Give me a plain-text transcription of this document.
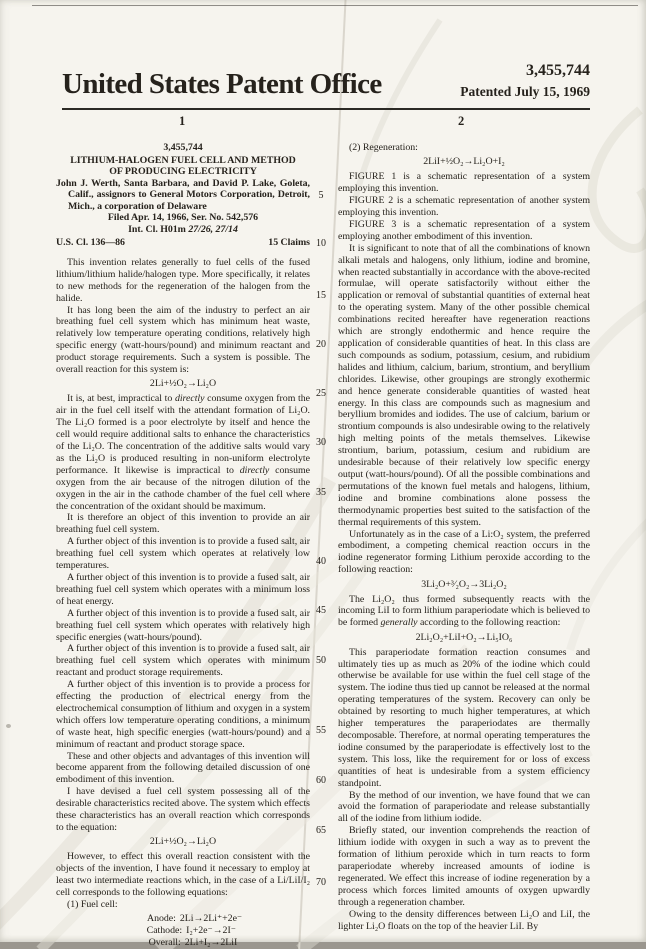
United States Patent Office	3,455,744
Patented July 15, 1969
1	2
5
10
15
20
25
30
35
40
45
50
55
60
65
70
3,455,744
LITHIUM-HALOGEN FUEL CELL AND METHOD
OF PRODUCING ELECTRICITY
John J. Werth, Santa Barbara, and David P. Lake, Goleta, Calif., assignors to General Motors Corporation, Detroit, Mich., a corporation of Delaware
Filed Apr. 14, 1966, Ser. No. 542,576
Int. Cl. H01m 27/26, 27/14
U.S. Cl. 136—86	15 Claims

This invention relates generally to fuel cells of the fused lithium/lithium halide/halogen type. More specifically, it relates to new methods for the regeneration of the halogen from the halide.

It has long been the aim of the industry to perfect an air breathing fuel cell system which has minimum heat waste, relatively low temperature operating conditions, relatively high specific energy (watt-hours/pound) and minimum reactant and product storage requirements. Such a system is possible. The overall reaction for this system is:

2Li+½O₂→Li₂O

It is, at best, impractical to directly consume oxygen from the air in the fuel cell itself with the attendant formation of Li₂O. The Li₂O formed is a poor electrolyte by itself and hence the cell would require additional salts to enhance the characteristics of the Li₂O. The concentration of the additive salts would vary as the Li₂O is produced resulting in non-uniform electrolyte performance. It likewise is impractical to directly consume oxygen from the air because of the nitrogen dilution of the oxygen in the air in the cathode chamber of the fuel cell where the concentration of the oxidant should be maximum.

It is therefore an object of this invention to provide an air breathing fuel cell system.

A further object of this invention is to provide a fused salt, air breathing fuel cell system which operates at relatively low temperatures.

A further object of this invention is to provide a fused salt, air breathing fuel cell system which operates with a minimum loss of heat energy.

A further object of this invention is to provide a fused salt, air breathing fuel cell system which operates with relatively high specific energies (watt-hours/pound).

A further object of this invention is to provide a fused salt, air breathing fuel cell system which operates with minimum reactant and product storage requirements.

A further object of this invention is to provide a process for effecting the production of electrical energy from the electrochemical consumption of lithium and oxygen in a system which offers low temperature operating conditions, a minimum of waste heat, high specific energies (watt-hours/pound) and a minimum of reactant and product storage space.

These and other objects and advantages of this invention will become apparent from the following detailed discussion of one embodiment of this invention.

I have devised a fuel cell system possessing all of the desirable characteristics recited above. The system which effects these characteristics has an overall reaction which corresponds to the equation:

2Li+½O₂→Li₂O

However, to effect this overall reaction consistent with the objects of the invention, I have found it necessary to employ at least two intermediate reactions which, in the case of a Li/LiI/I₂ cell corresponds to the following equations:

(1) Fuel cell:

Anode: 2Li→2Li⁺+2e⁻
Cathode: I₂+2e⁻→2I⁻
Overall: 2Li+I₂→2LiI

(2) Regeneration:

2LiI+½O₂→Li₂O+I₂

FIGURE 1 is a schematic representation of a system employing this invention.

FIGURE 2 is a schematic representation of another system employing this invention.

FIGURE 3 is a schematic representation of a system employing another embodiment of this invention.

It is significant to note that of all the combinations of known alkali metals and halogens, only lithium, iodine and bromine, when reacted substantially in accordance with the above-recited formulae, will operate satisfactorily without either the application or removal of substantial quantities of external heat to the operating system. Many of the other possible chemical combinations recited hereafter have regeneration reactions which are strongly endothermic and hence require the application of considerable quantities of heat. In this class are such compounds as sodium, potassium, cesium, and rubidium halides and lithium, calcium, barium, strontium, and beryllium chlorides. Likewise, other groupings are strongly exothermic and hence generate considerable quantities of wasted heat energy. In this class are compounds such as magnesium and beryllium bromides and iodides. The use of calcium, barium or strontium compounds is also undesirable owing to the relatively high melting points of the metals themselves. Likewise strontium, barium, potassium, cesium and rubidium are undesirable because of their relatively low specific energy output (watt-hours/pound). Of all the possible combinations and permutations of the known fuel metals and halogens, lithium, iodine and bromine combinations alone possess the thermodynamic properties best suited to the satisfaction of the thermal requirements of this system.

Unfortunately as in the case of a Li:O₂ system, the preferred embodiment, a competing chemical reaction occurs in the iodine regenerator forming Lithium peroxide according to the following reaction:

3Li₂O+³⁄₂O₂→3Li₂O₂

The Li₂O₂ thus formed subsequently reacts with the incoming LiI to form lithium paraperiodate which is believed to be formed generally according to the following reaction:

2Li₂O₂+LiI+O₂→Li₅IO₆

This paraperiodate formation reaction consumes and ultimately ties up as much as 20% of the iodine which could otherwise be available for use within the fuel cell stage of the system. The iodine thus tied up cannot be released at the normal operating temperatures of the system. Recovery can only be obtained by resorting to much higher temperatures, at which higher temperatures the paraperiodates are thermally decomposable. Therefore, at normal operating temperatures the iodine consumed by the paraperiodate is effectively lost to the system. This loss, like the requirement for or loss of excess quantities of heat is undesirable from a system efficiency standpoint.

By the method of our invention, we have found that we can avoid the formation of paraperiodate and release substantially all of the iodine from lithium iodide.

Briefly stated, our invention comprehends the reaction of lithium iodide with oxygen in such a way as to prevent the formation of lithium peroxide which in turn reacts to form paraperiodate whereby increased amounts of iodine is regenerated. We effect this increase of iodine regeneration by a process which forces limited amounts of oxygen upwardly through a regeneration chamber.

Owing to the density differences between Li₂O and LiI, the lighter Li₂O floats on the top of the heavier LiI. By
